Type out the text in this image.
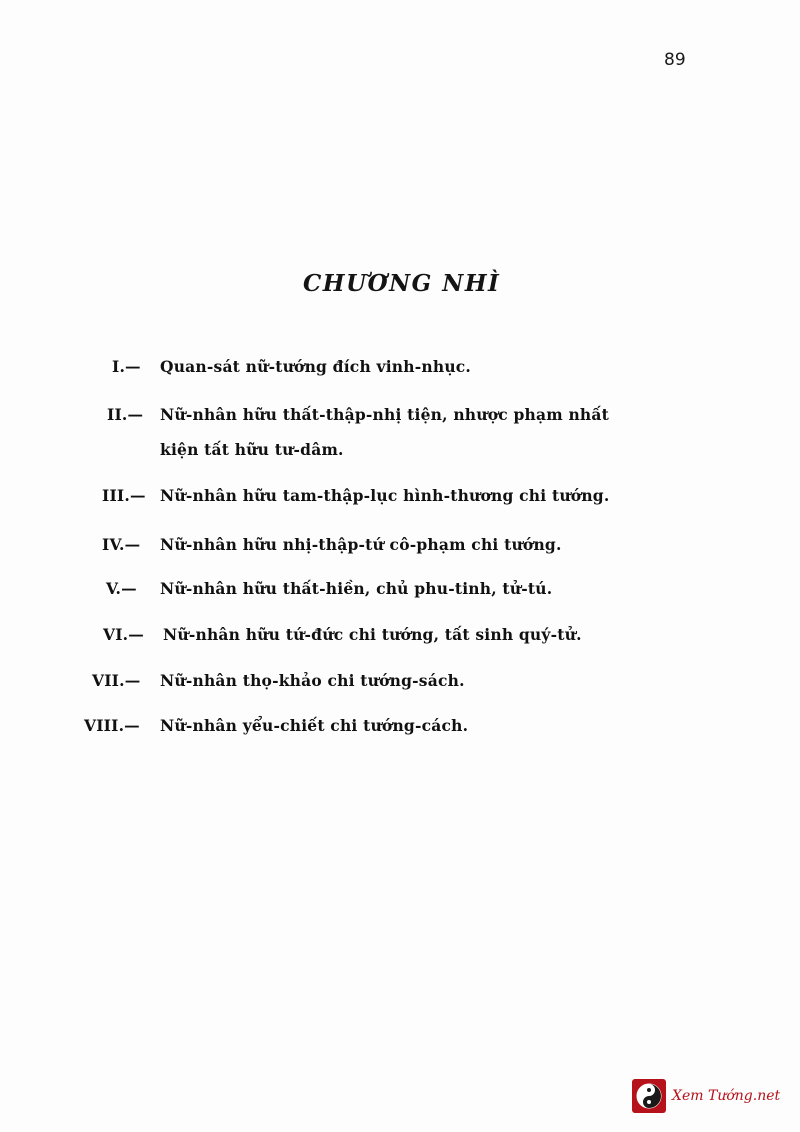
89
CHƯƠNG NHÌ
I.— Quan-sát nữ-tướng đích vinh-nhục.
II.— Nữ-nhân hữu thất-thập-nhị tiện, nhược phạm nhất
kiện tất hữu tư-dâm.
III.— Nữ-nhân hữu tam-thập-lục hình-thương chi tướng.
IV.— Nữ-nhân hữu nhị-thập-tứ cô-phạm chi tướng.
V.— Nữ-nhân hữu thất-hiền, chủ phu-tinh, tử-tú.
VI.— Nữ-nhân hữu tứ-đức chi tướng, tất sinh quý-tử.
VII.— Nữ-nhân thọ-khảo chi tướng-sách.
VIII.— Nữ-nhân yểu-chiết chi tướng-cách.
Xem Tướng.net
